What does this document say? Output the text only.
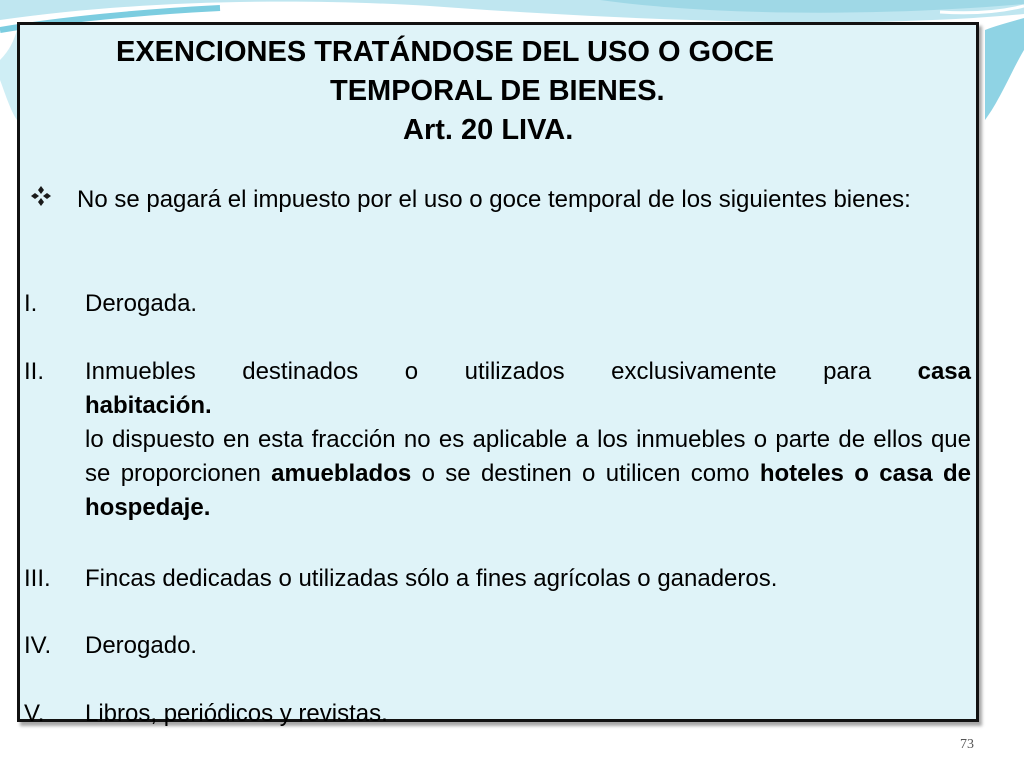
EXENCIONES TRATÁNDOSE DEL USO O GOCE
TEMPORAL DE BIENES.
Art. 20 LIVA.
No se pagará el impuesto por el uso o goce temporal de los siguientes bienes:
I. Derogada.
II. Inmuebles destinados o utilizados exclusivamente para casa
habitación.
lo dispuesto en esta fracción no es aplicable a los inmuebles o parte de ellos que se proporcionen amueblados o se destinen o utilicen como hoteles o casa de hospedaje.
III. Fincas dedicadas o utilizadas sólo a fines agrícolas o ganaderos.
IV. Derogado.
V. Libros, periódicos y revistas.
73
